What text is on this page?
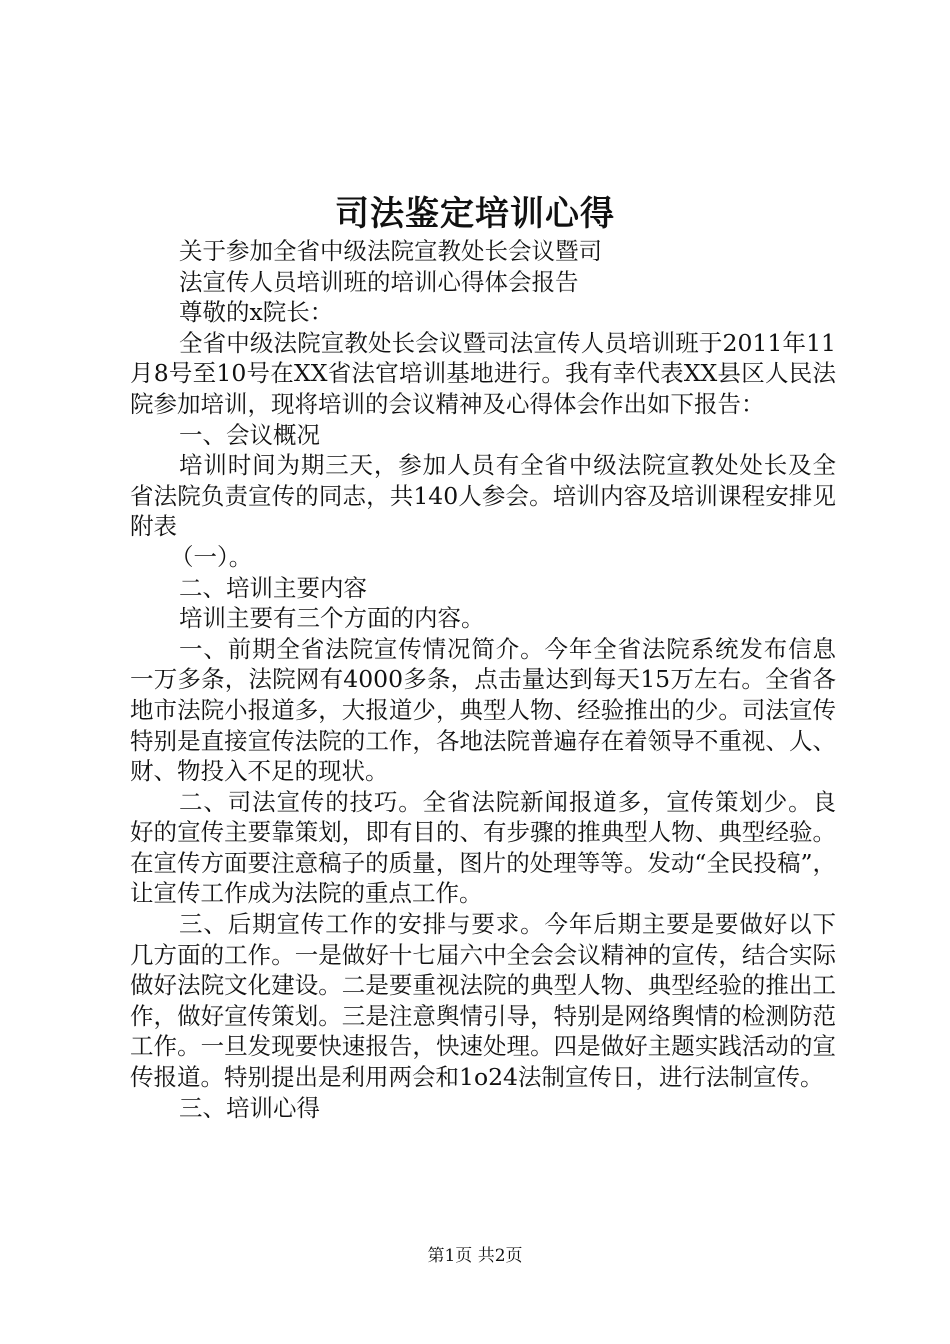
司法鉴定培训心得

关于参加全省中级法院宣教处长会议暨司

法宣传人员培训班的培训心得体会报告

尊敬的x院长：

全省中级法院宣教处长会议暨司法宣传人员培训班于2011年11月8号至10号在XX省法官培训基地进行。我有幸代表XX县区人民法院参加培训，现将培训的会议精神及心得体会作出如下报告：

一、会议概况

培训时间为期三天，参加人员有全省中级法院宣教处处长及全省法院负责宣传的同志，共140人参会。培训内容及培训课程安排见附表

（一）。

二、培训主要内容

培训主要有三个方面的内容。

一、前期全省法院宣传情况简介。今年全省法院系统发布信息一万多条，法院网有4000多条，点击量达到每天15万左右。全省各地市法院小报道多，大报道少，典型人物、经验推出的少。司法宣传特别是直接宣传法院的工作，各地法院普遍存在着领导不重视、人、财、物投入不足的现状。

二、司法宣传的技巧。全省法院新闻报道多，宣传策划少。良好的宣传主要靠策划，即有目的、有步骤的推典型人物、典型经验。在宣传方面要注意稿子的质量，图片的处理等等。发动“全民投稿”，让宣传工作成为法院的重点工作。

三、后期宣传工作的安排与要求。今年后期主要是要做好以下几方面的工作。一是做好十七届六中全会会议精神的宣传，结合实际做好法院文化建设。二是要重视法院的典型人物、典型经验的推出工作，做好宣传策划。三是注意舆情引导，特别是网络舆情的检测防范工作。一旦发现要快速报告，快速处理。四是做好主题实践活动的宣传报道。特别提出是利用两会和1o24法制宣传日，进行法制宣传。

三、培训心得

第1页 共2页
